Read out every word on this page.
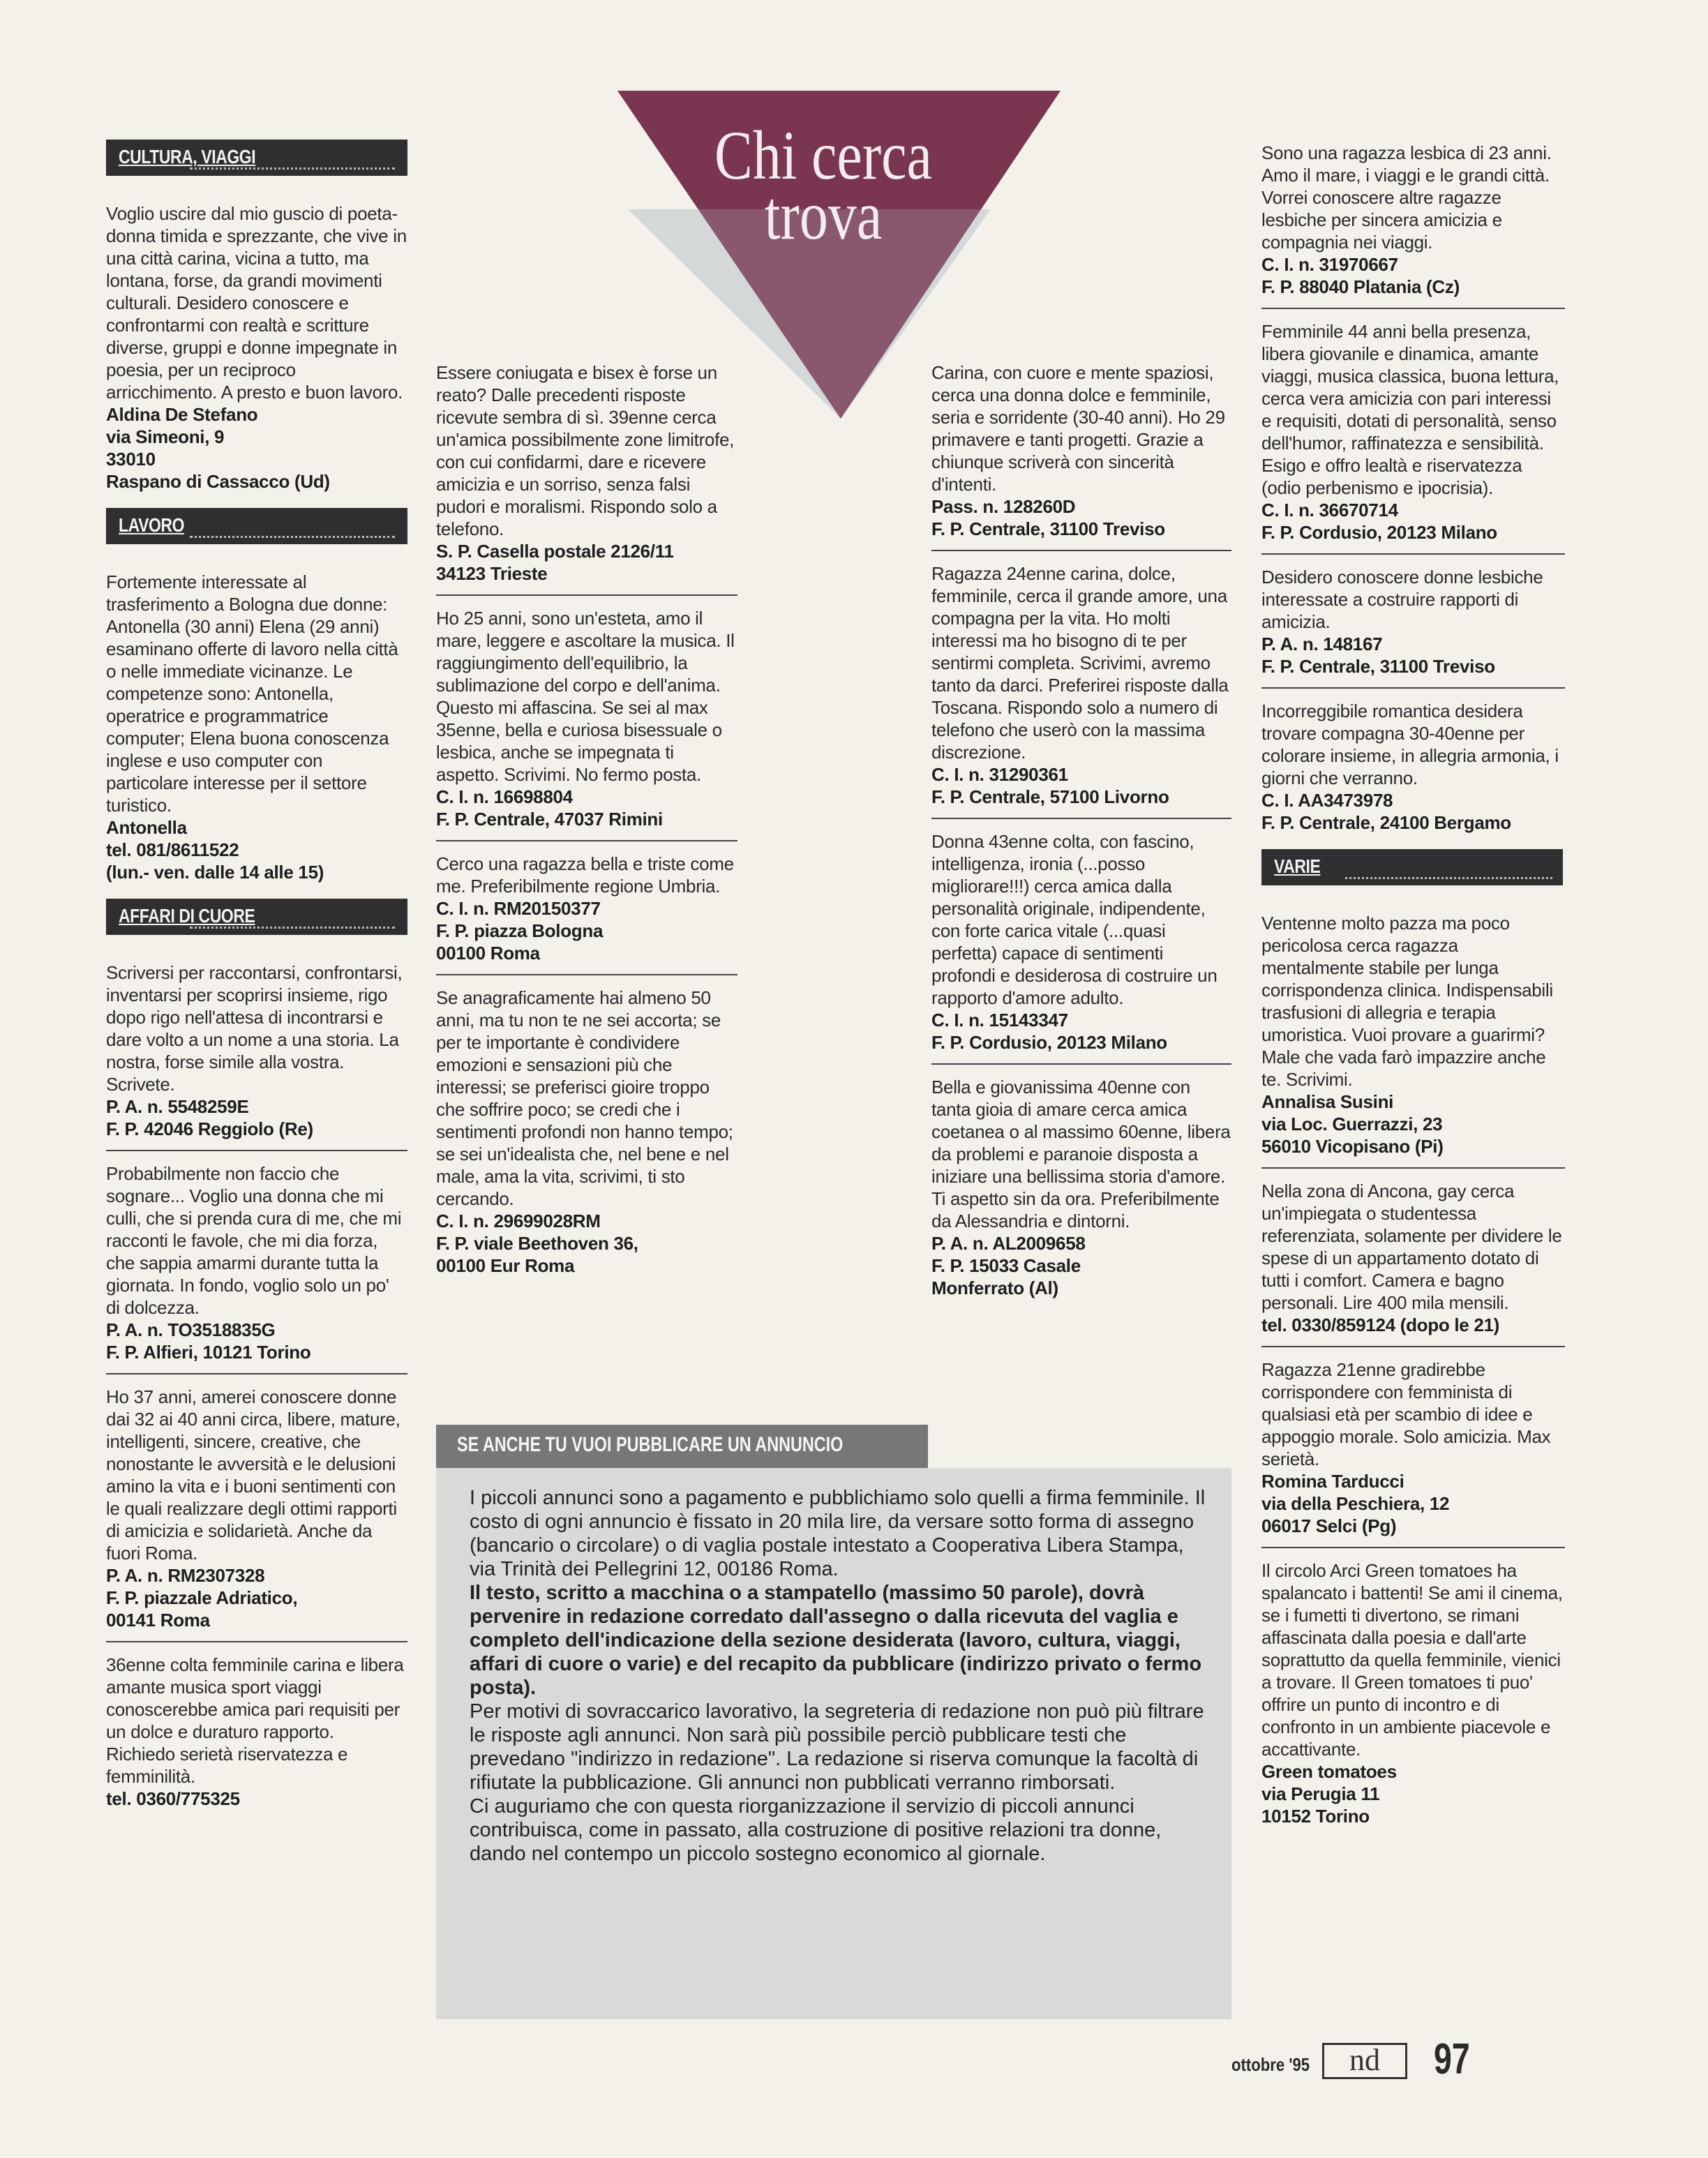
Chi cerca
trova
CULTURA, VIAGGI
Voglio uscire dal mio guscio di poeta-donna timida e sprezzante, che vive in una città carina, vicina a tutto, ma lontana, forse, da grandi movimenti culturali. Desidero conoscere e confrontarmi con realtà e scritture diverse, gruppi e donne impegnate in poesia, per un reciproco arricchimento. A presto e buon lavoro.
Aldina De Stefano
via Simeoni, 9
33010
Raspano di Cassacco (Ud)
LAVORO
Fortemente interessate al trasferimento a Bologna due donne: Antonella (30 anni) Elena (29 anni) esaminano offerte di lavoro nella città o nelle immediate vicinanze. Le competenze sono: Antonella, operatrice e programmatrice computer; Elena buona conoscenza inglese e uso computer con particolare interesse per il settore turistico.
Antonella
tel. 081/8611522
(lun.- ven. dalle 14 alle 15)
AFFARI DI CUORE
Scriversi per raccontarsi, confrontarsi, inventarsi per scoprirsi insieme, rigo dopo rigo nell'attesa di incontrarsi e dare volto a un nome a una storia. La nostra, forse simile alla vostra. Scrivete.
P. A. n. 5548259E
F. P. 42046 Reggiolo (Re)
Probabilmente non faccio che sognare... Voglio una donna che mi culli, che si prenda cura di me, che mi racconti le favole, che mi dia forza, che sappia amarmi durante tutta la giornata. In fondo, voglio solo un po' di dolcezza.
P. A. n. TO3518835G
F. P. Alfieri, 10121 Torino
Ho 37 anni, amerei conoscere donne dai 32 ai 40 anni circa, libere, mature, intelligenti, sincere, creative, che nonostante le avversità e le delusioni amino la vita e i buoni sentimenti con le quali realizzare degli ottimi rapporti di amicizia e solidarietà. Anche da fuori Roma.
P. A. n. RM2307328
F. P. piazzale Adriatico,
00141 Roma
36enne colta femminile carina e libera amante musica sport viaggi conoscerebbe amica pari requisiti per un dolce e duraturo rapporto. Richiedo serietà riservatezza e femminilità.
tel. 0360/775325
Essere coniugata e bisex è forse un reato? Dalle precedenti risposte ricevute sembra di sì. 39enne cerca un'amica possibilmente zone limitrofe, con cui confidarmi, dare e ricevere amicizia e un sorriso, senza falsi pudori e moralismi. Rispondo solo a telefono.
S. P. Casella postale 2126/11
34123 Trieste
Ho 25 anni, sono un'esteta, amo il mare, leggere e ascoltare la musica. Il raggiungimento dell'equilibrio, la sublimazione del corpo e dell'anima. Questo mi affascina. Se sei al max 35enne, bella e curiosa bisessuale o lesbica, anche se impegnata ti aspetto. Scrivimi. No fermo posta.
C. I. n. 16698804
F. P. Centrale, 47037 Rimini
Cerco una ragazza bella e triste come me. Preferibilmente regione Umbria.
C. I. n. RM20150377
F. P. piazza Bologna
00100 Roma
Se anagraficamente hai almeno 50 anni, ma tu non te ne sei accorta; se per te importante è condividere emozioni e sensazioni più che interessi; se preferisci gioire troppo che soffrire poco; se credi che i sentimenti profondi non hanno tempo; se sei un'idealista che, nel bene e nel male, ama la vita, scrivimi, ti sto cercando.
C. I. n. 29699028RM
F. P. viale Beethoven 36,
00100 Eur Roma
Carina, con cuore e mente spaziosi, cerca una donna dolce e femminile, seria e sorridente (30-40 anni). Ho 29 primavere e tanti progetti. Grazie a chiunque scriverà con sincerità d'intenti.
Pass. n. 128260D
F. P. Centrale, 31100 Treviso
Ragazza 24enne carina, dolce, femminile, cerca il grande amore, una compagna per la vita. Ho molti interessi ma ho bisogno di te per sentirmi completa. Scrivimi, avremo tanto da darci. Preferirei risposte dalla Toscana. Rispondo solo a numero di telefono che userò con la massima discrezione.
C. I. n. 31290361
F. P. Centrale, 57100 Livorno
Donna 43enne colta, con fascino, intelligenza, ironia (...posso migliorare!!!) cerca amica dalla personalità originale, indipendente, con forte carica vitale (...quasi perfetta) capace di sentimenti profondi e desiderosa di costruire un rapporto d'amore adulto.
C. I. n. 15143347
F. P. Cordusio, 20123 Milano
Bella e giovanissima 40enne con tanta gioia di amare cerca amica coetanea o al massimo 60enne, libera da problemi e paranoie disposta a iniziare una bellissima storia d'amore. Ti aspetto sin da ora. Preferibilmente da Alessandria e dintorni.
P. A. n. AL2009658
F. P. 15033 Casale
Monferrato (Al)
Sono una ragazza lesbica di 23 anni. Amo il mare, i viaggi e le grandi città. Vorrei conoscere altre ragazze lesbiche per sincera amicizia e compagnia nei viaggi.
C. I. n. 31970667
F. P. 88040 Platania (Cz)
Femminile 44 anni bella presenza, libera giovanile e dinamica, amante viaggi, musica classica, buona lettura, cerca vera amicizia con pari interessi e requisiti, dotati di personalità, senso dell'humor, raffinatezza e sensibilità. Esigo e offro lealtà e riservatezza (odio perbenismo e ipocrisia).
C. I. n. 36670714
F. P. Cordusio, 20123 Milano
Desidero conoscere donne lesbiche interessate a costruire rapporti di amicizia.
P. A. n. 148167
F. P. Centrale, 31100 Treviso
Incorreggibile romantica desidera trovare compagna 30-40enne per colorare insieme, in allegria armonia, i giorni che verranno.
C. I. AA3473978
F. P. Centrale, 24100 Bergamo
VARIE
Ventenne molto pazza ma poco pericolosa cerca ragazza mentalmente stabile per lunga corrispondenza clinica. Indispensabili trasfusioni di allegria e terapia umoristica. Vuoi provare a guarirmi? Male che vada farò impazzire anche te. Scrivimi.
Annalisa Susini
via Loc. Guerrazzi, 23
56010 Vicopisano (Pi)
Nella zona di Ancona, gay cerca un'impiegata o studentessa referenziata, solamente per dividere le spese di un appartamento dotato di tutti i comfort. Camera e bagno personali. Lire 400 mila mensili.
tel. 0330/859124 (dopo le 21)
Ragazza 21enne gradirebbe corrispondere con femminista di qualsiasi età per scambio di idee e appoggio morale. Solo amicizia. Max serietà.
Romina Tarducci
via della Peschiera, 12
06017 Selci (Pg)
Il circolo Arci Green tomatoes ha spalancato i battenti! Se ami il cinema, se i fumetti ti divertono, se rimani affascinata dalla poesia e dall'arte soprattutto da quella femminile, vienici a trovare. Il Green tomatoes ti puo' offrire un punto di incontro e di confronto in un ambiente piacevole e accattivante.
Green tomatoes
via Perugia 11
10152 Torino
SE ANCHE TU VUOI PUBBLICARE UN ANNUNCIO

I piccoli annunci sono a pagamento e pubblichiamo solo quelli a firma femminile. Il costo di ogni annuncio è fissato in 20 mila lire, da versare sotto forma di assegno (bancario o circolare) o di vaglia postale intestato a Cooperativa Libera Stampa, via Trinità dei Pellegrini 12, 00186 Roma.

Il testo, scritto a macchina o a stampatello (massimo 50 parole), dovrà pervenire in redazione corredato dall'assegno o dalla ricevuta del vaglia e completo dell'indicazione della sezione desiderata (lavoro, cultura, viaggi, affari di cuore o varie) e del recapito da pubblicare (indirizzo privato o fermo posta).

Per motivi di sovraccarico lavorativo, la segreteria di redazione non può più filtrare le risposte agli annunci. Non sarà più possibile perciò pubblicare testi che prevedano "indirizzo in redazione". La redazione si riserva comunque la facoltà di rifiutate la pubblicazione. Gli annunci non pubblicati verranno rimborsati.

Ci auguriamo che con questa riorganizzazione il servizio di piccoli annunci contribuisca, come in passato, alla costruzione di positive relazioni tra donne, dando nel contempo un piccolo sostegno economico al giornale.

ottobre '95	nd	97
